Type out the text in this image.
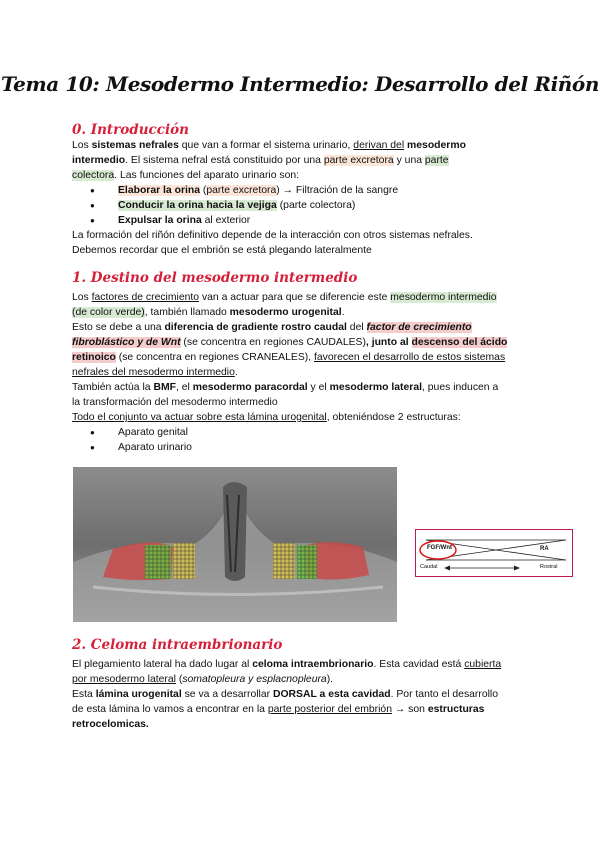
Tema 10: Mesodermo Intermedio: Desarrollo del Riñón
0. Introducción
Los sistemas nefrales que van a formar el sistema urinario, derivan del mesodermo
intermedio. El sistema nefral está constituido por una parte excretora y una parte
colectora. Las funciones del aparato urinario son:
● Elaborar la orina (parte excretora) → Filtración de la sangre
● Conducir la orina hacia la vejiga (parte colectora)
● Expulsar la orina al exterior
La formación del riñón definitivo depende de la interacción con otros sistemas nefrales.
Debemos recordar que el embrión se está plegando lateralmente
1. Destino del mesodermo intermedio
Los factores de crecimiento van a actuar para que se diferencie este mesodermo intermedio
(de color verde), también llamado mesodermo urogenital.
Esto se debe a una diferencia de gradiente rostro caudal del factor de crecimiento
fibroblástico y de Wnt (se concentra en regiones CAUDALES), junto al descenso del ácido
retinoico (se concentra en regiones CRANEALES), favorecen el desarrollo de estos sistemas
nefrales del mesodermo intermedio.
También actúa la BMF, el mesodermo paracordal y el mesodermo lateral, pues inducen a
la transformación del mesodermo intermedio
Todo el conjunto va actuar sobre esta lámina urogenital, obteniéndose 2 estructuras:
● Aparato genital
● Aparato urinario
FGF/Wnt	RA
Caudal	Rostral
2. Celoma intraembrionario
El plegamiento lateral ha dado lugar al celoma intraembrionario. Esta cavidad está cubierta
por mesodermo lateral (somatopleura y esplacnopleura).
Esta lámina urogenital se va a desarrollar DORSAL a esta cavidad. Por tanto el desarrollo
de esta lámina lo vamos a encontrar en la parte posterior del embrión → son estructuras
retrocelomicas.
